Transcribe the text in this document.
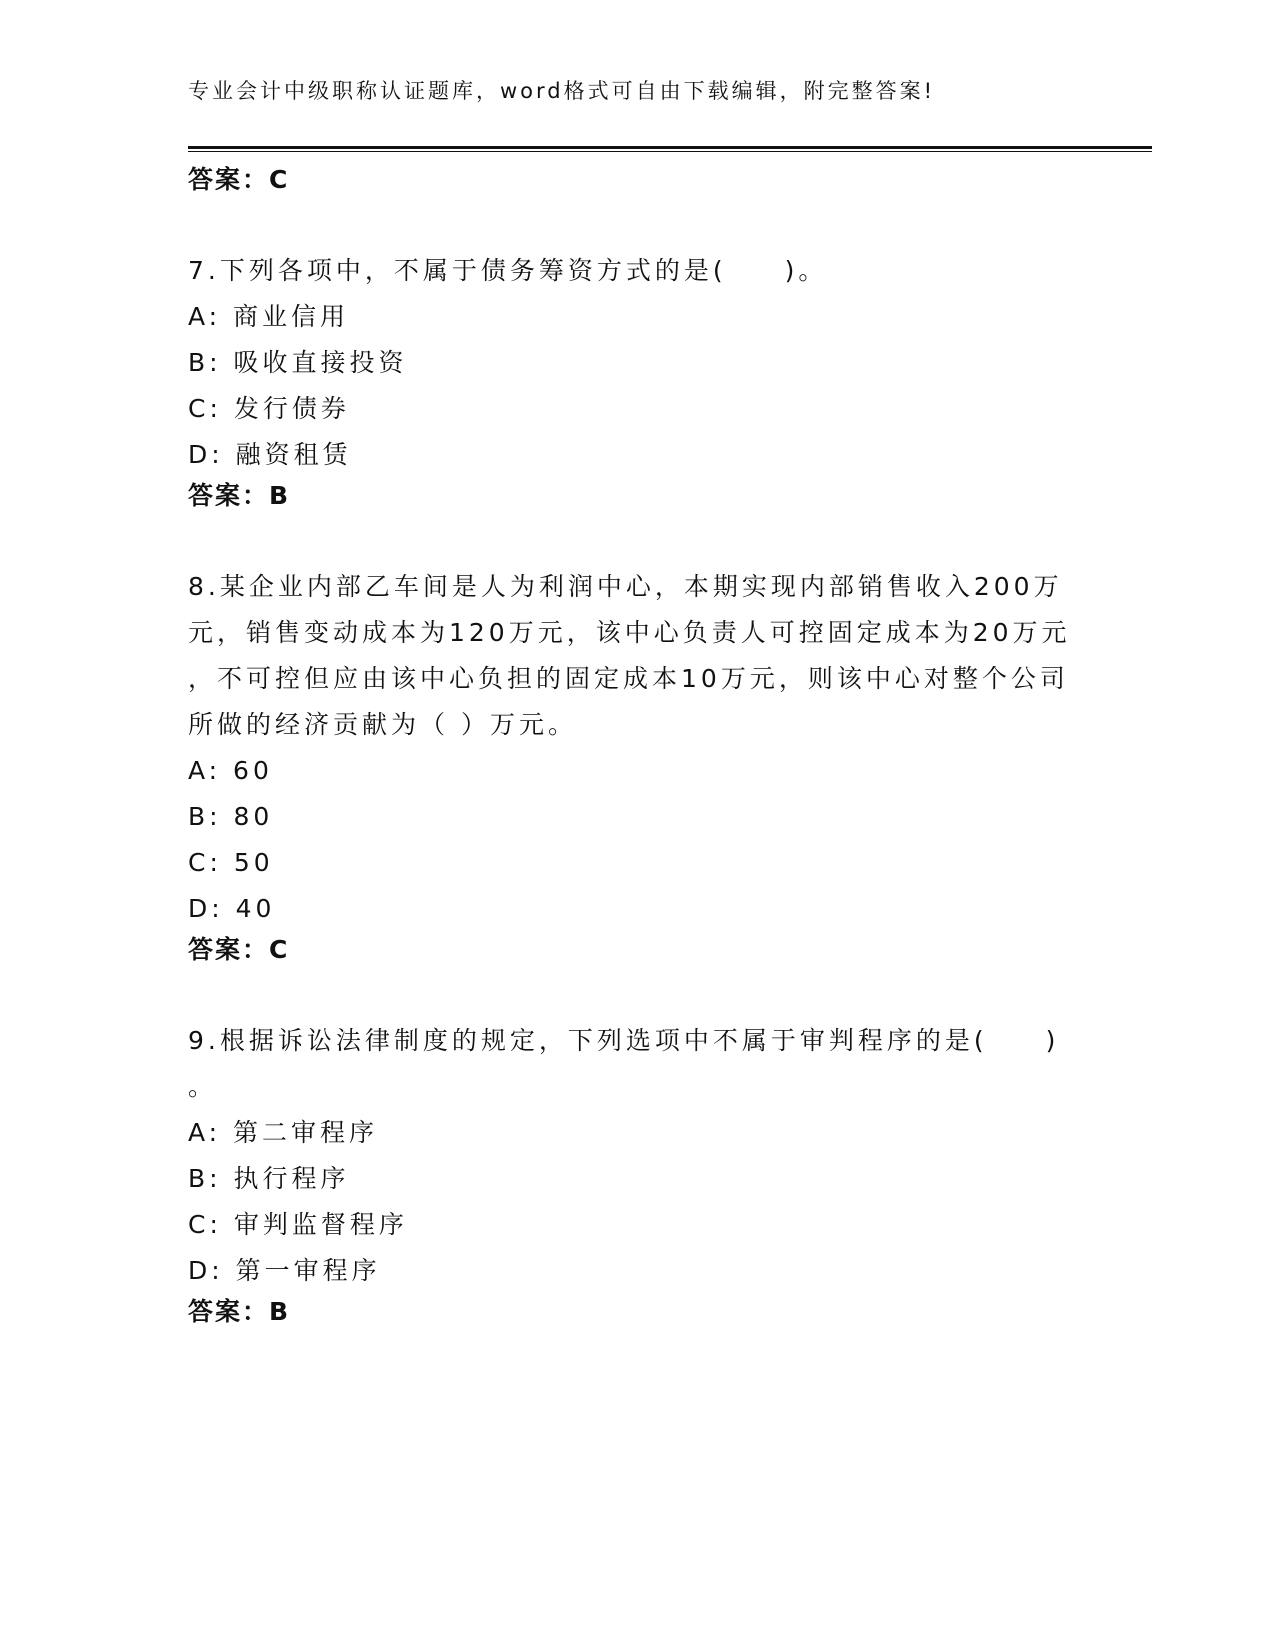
专业会计中级职称认证题库，word格式可自由下载编辑，附完整答案!
答案：C
7.下列各项中，不属于债务筹资方式的是(　　)。
A: 商业信用
B: 吸收直接投资
C: 发行债券
D: 融资租赁
答案：B
8.某企业内部乙车间是人为利润中心，本期实现内部销售收入200万
元，销售变动成本为120万元，该中心负责人可控固定成本为20万元
，不可控但应由该中心负担的固定成本10万元，则该中心对整个公司
所做的经济贡献为（ ）万元。
A: 60
B: 80
C: 50
D: 40
答案：C
9.根据诉讼法律制度的规定，下列选项中不属于审判程序的是(　　)
。
A: 第二审程序
B: 执行程序
C: 审判监督程序
D: 第一审程序
答案：B
